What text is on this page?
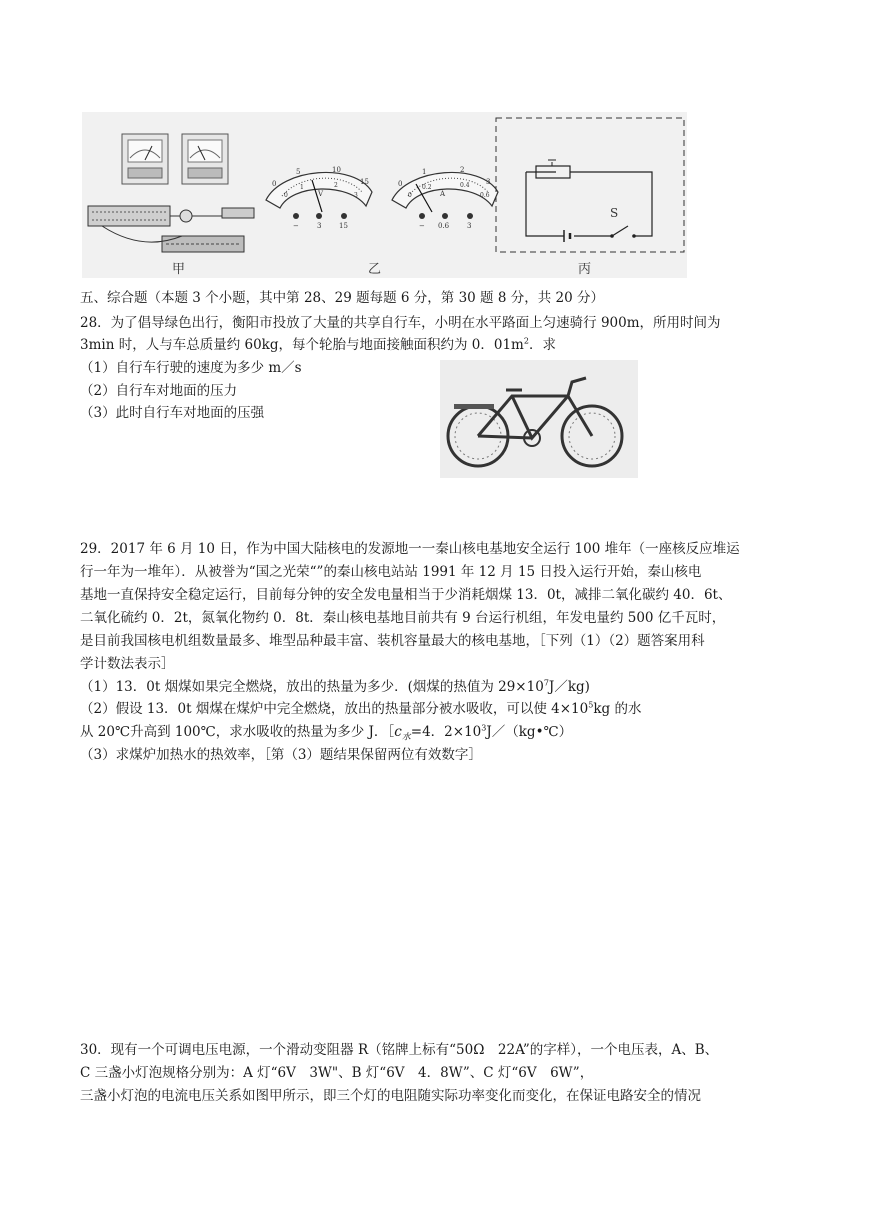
0
5	10
15
0
1	2
3
V
−	3	15
0
1	2
3
0
0.2	0.4
0.6
A
− 0.6	3
S
甲	乙	丙
五、综合题（本题 3 个小题，其中第 28、29 题每题 6 分，第 30 题 8 分，共 20 分）
28．为了倡导绿色出行，衡阳市投放了大量的共享自行车，小明在水平路面上匀速骑行 900m，所用时间为
3min 时，人与车总质量约 60kg，每个轮胎与地面接触面积约为 0．$01m^2$．求
（1）自行车行驶的速度为多少 m／s
（2）自行车对地面的压力
（3）此时自行车对地面的压强
29．2017 年 6 月 10 日，作为中国大陆核电的发源地一一秦山核电基地安全运行 100 堆年（一座核反应堆运
行一年为一堆年）．从被誉为“国之光荣“”的秦山核电站站 1991 年 12 月 15 日投入运行开始，秦山核电
基地一直保持安全稳定运行，目前每分钟的安全发电量相当于少消耗烟煤 13．0t，减排二氧化碳约 40．6t、
二氧化硫约 0．2t，氮氧化物约 0．8t．秦山核电基地目前共有 9 台运行机组，年发电量约 500 亿千瓦时，
是目前我国核电机组数量最多、堆型品种最丰富、装机容量最大的核电基地，［下列（1）（2）题答案用科
学计数法表示］
（1）13．0t 烟煤如果完全燃烧，放出的热量为多少．(烟煤的热值为 $29\times 10^7J/kg$)
（2）假设 13．0t 烟煤在煤炉中完全燃烧，放出的热量部分被水吸收，可以使 $4\times 10^5kg$ 的水
从 20℃升高到 100℃，求水吸收的热量为多少 J．$[c_水=4$．$2\times 10^3J/(kg•℃)$
（3）求煤炉加热水的热效率，［第（3）题结果保留两位有效数字］
30．现有一个可调电压电源，一个滑动变阻器 R（铭牌上标有“50Ω　22A”的字样），一个电压表，A、B、
C 三盏小灯泡规格分别为：A 灯“6V　3W"、B 灯“6V　4．8W”、C 灯“6V　6W”，
三盏小灯泡的电流电压关系如图甲所示，即三个灯的电阻随实际功率变化而变化，在保证电路安全的情况
